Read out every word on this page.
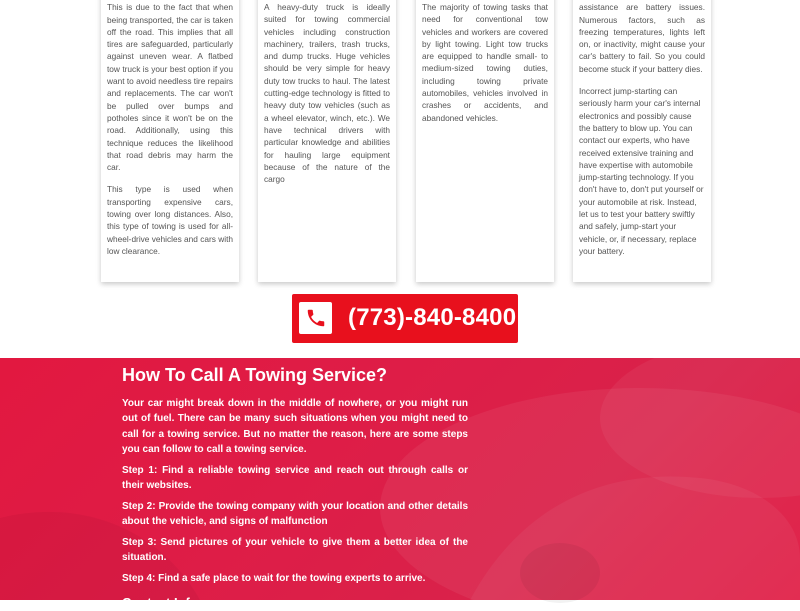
This is due to the fact that when being transported, the car is taken off the road. This implies that all tires are safeguarded, particularly against uneven wear. A flatbed tow truck is your best option if you want to avoid needless tire repairs and replacements. The car won't be pulled over bumps and potholes since it won't be on the road. Additionally, using this technique reduces the likelihood that road debris may harm the car.

This type is used when transporting expensive cars, towing over long distances. Also, this type of towing is used for all-wheel-drive vehicles and cars with low clearance.

A heavy-duty truck is ideally suited for towing commercial vehicles including construction machinery, trailers, trash trucks, and dump trucks. Huge vehicles should be very simple for heavy duty tow trucks to haul. The latest cutting-edge technology is fitted to heavy duty tow vehicles (such as a wheel elevator, winch, etc.). We have technical drivers with particular knowledge and abilities for hauling large equipment because of the nature of the cargo

The majority of towing tasks that need for conventional tow vehicles and workers are covered by light towing. Light tow trucks are equipped to handle small- to medium-sized towing duties, including towing private automobiles, vehicles involved in crashes or accidents, and abandoned vehicles.

assistance are battery issues. Numerous factors, such as freezing temperatures, lights left on, or inactivity, might cause your car's battery to fail. So you could become stuck if your battery dies.

Incorrect jump-starting can seriously harm your car's internal electronics and possibly cause the battery to blow up. You can contact our experts, who have received extensive training and have expertise with automobile jump-starting technology. If you don't have to, don't put yourself or your automobile at risk. Instead, let us to test your battery swiftly and safely, jump-start your vehicle, or, if necessary, replace your battery.

(773)-840-8400
How To Call A Towing Service?

Your car might break down in the middle of nowhere, or you might run out of fuel. There can be many such situations when you might need to call for a towing service. But no matter the reason, here are some steps you can follow to call a towing service.

Step 1: Find a reliable towing service and reach out through calls or their websites.

Step 2: Provide the towing company with your location and other details about the vehicle, and signs of malfunction

Step 3: Send pictures of your vehicle to give them a better idea of the situation.

Step 4: Find a safe place to wait for the towing experts to arrive.

Contact Info :
